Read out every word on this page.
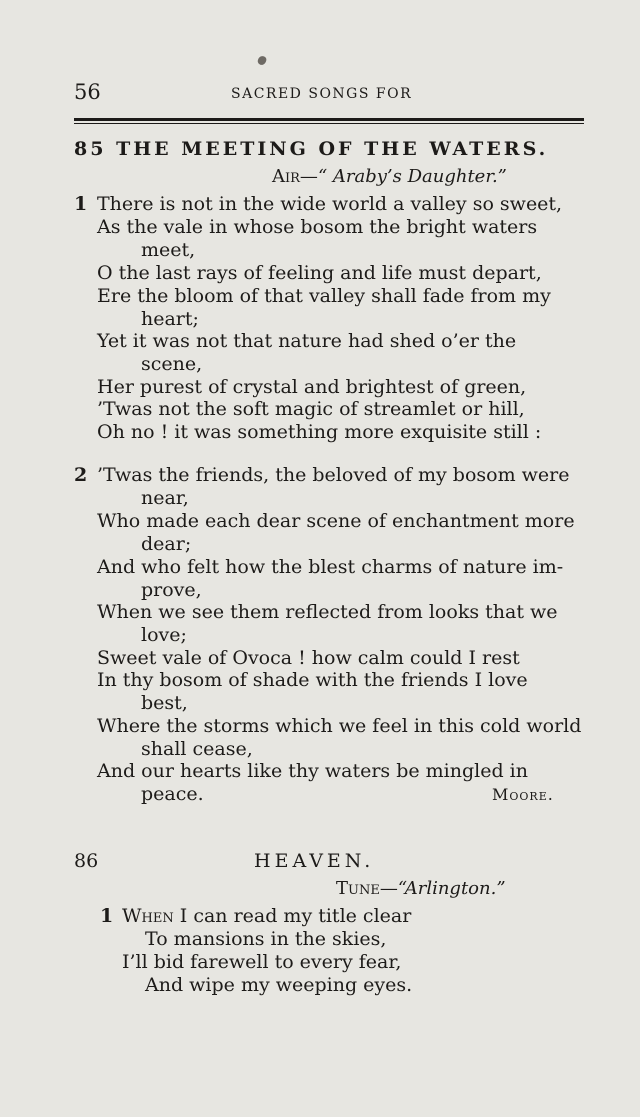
56	SACRED SONGS FOR
85 THE MEETING OF THE WATERS.
Air—“ Araby’s Daughter.”
1 There is not in the wide world a valley so sweet,
As the vale in whose bosom the bright waters
meet,
O the last rays of feeling and life must depart,
Ere the bloom of that valley shall fade from my
heart;
Yet it was not that nature had shed o’er the
scene,
Her purest of crystal and brightest of green,
’Twas not the soft magic of streamlet or hill,
Oh no ! it was something more exquisite still :
2 ’Twas the friends, the beloved of my bosom were
near,
Who made each dear scene of enchantment more
dear;
And who felt how the blest charms of nature im-
prove,
When we see them reflected from looks that we
love;
Sweet vale of Ovoca ! how calm could I rest
In thy bosom of shade with the friends I love
best,
Where the storms which we feel in this cold world
shall cease,
And our hearts like thy waters be mingled in
peace.	Moore.
86	HEAVEN.
Tune—“Arlington.”
1 When I can read my title clear
To mansions in the skies,
I’ll bid farewell to every fear,
And wipe my weeping eyes.
